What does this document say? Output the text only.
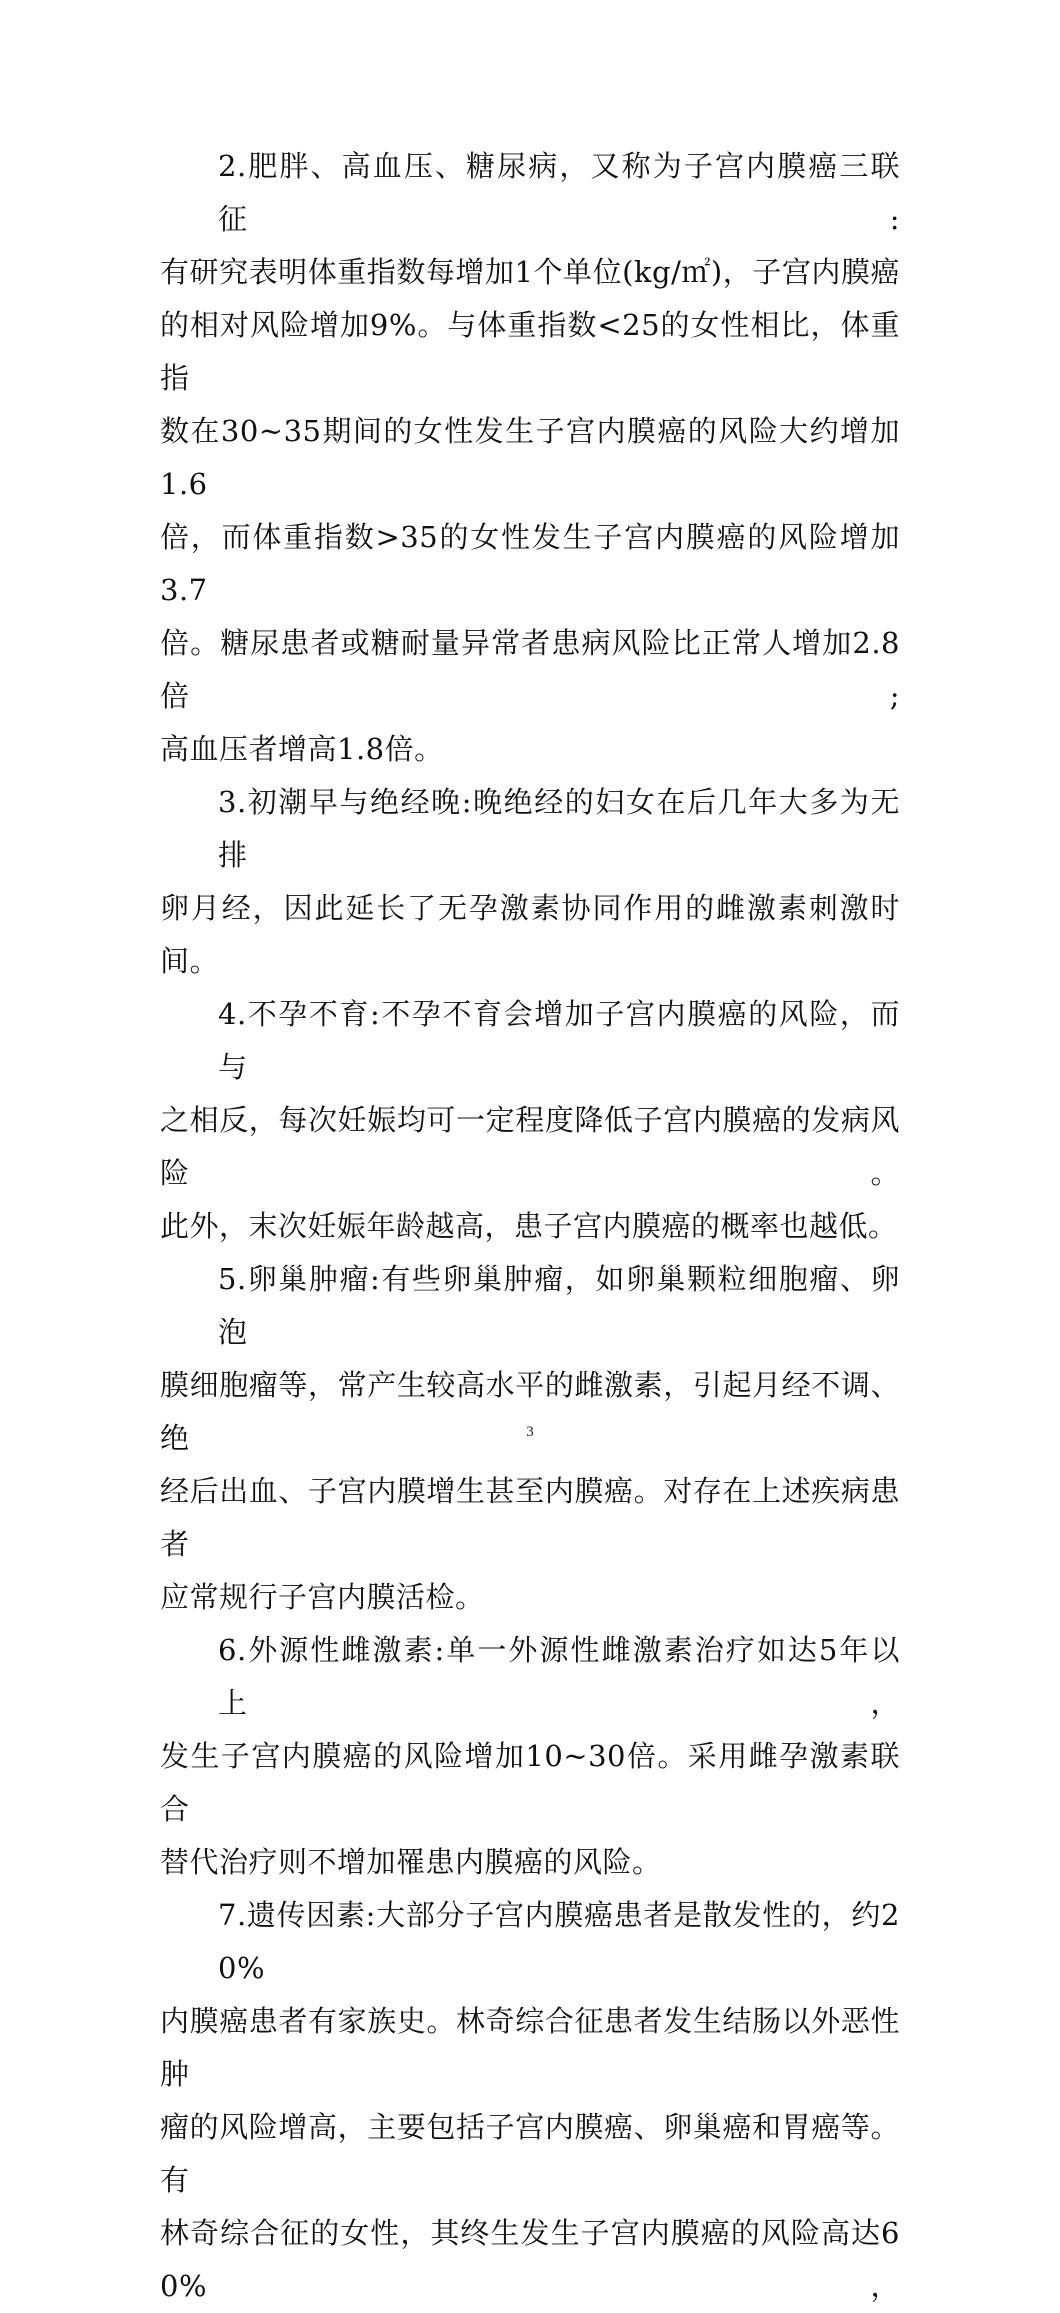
2.肥胖、高血压、糖尿病，又称为子宫内膜癌三联征:
有研究表明体重指数每增加1个单位(kg/㎡)，子宫内膜癌
的相对风险增加9%。与体重指数<25的女性相比，体重指
数在30~35期间的女性发生子宫内膜癌的风险大约增加1.6
倍，而体重指数>35的女性发生子宫内膜癌的风险增加3.7
倍。糖尿患者或糖耐量异常者患病风险比正常人增加2.8倍;
高血压者增高1.8倍。

3.初潮早与绝经晚:晚绝经的妇女在后几年大多为无排
卵月经，因此延长了无孕激素协同作用的雌激素刺激时间。

4.不孕不育:不孕不育会增加子宫内膜癌的风险，而与
之相反，每次妊娠均可一定程度降低子宫内膜癌的发病风险。
此外，末次妊娠年龄越高，患子宫内膜癌的概率也越低。

5.卵巢肿瘤:有些卵巢肿瘤，如卵巢颗粒细胞瘤、卵泡
膜细胞瘤等，常产生较高水平的雌激素，引起月经不调、绝
经后出血、子宫内膜增生甚至内膜癌。对存在上述疾病患者
应常规行子宫内膜活检。

6.外源性雌激素:单一外源性雌激素治疗如达5年以上，
发生子宫内膜癌的风险增加10~30倍。采用雌孕激素联合
替代治疗则不增加罹患内膜癌的风险。

7.遗传因素:大部分子宫内膜癌患者是散发性的，约20%
内膜癌患者有家族史。林奇综合征患者发生结肠以外恶性肿
瘤的风险增高，主要包括子宫内膜癌、卵巢癌和胃癌等。有
林奇综合征的女性，其终生发生子宫内膜癌的风险高达60%，

3
